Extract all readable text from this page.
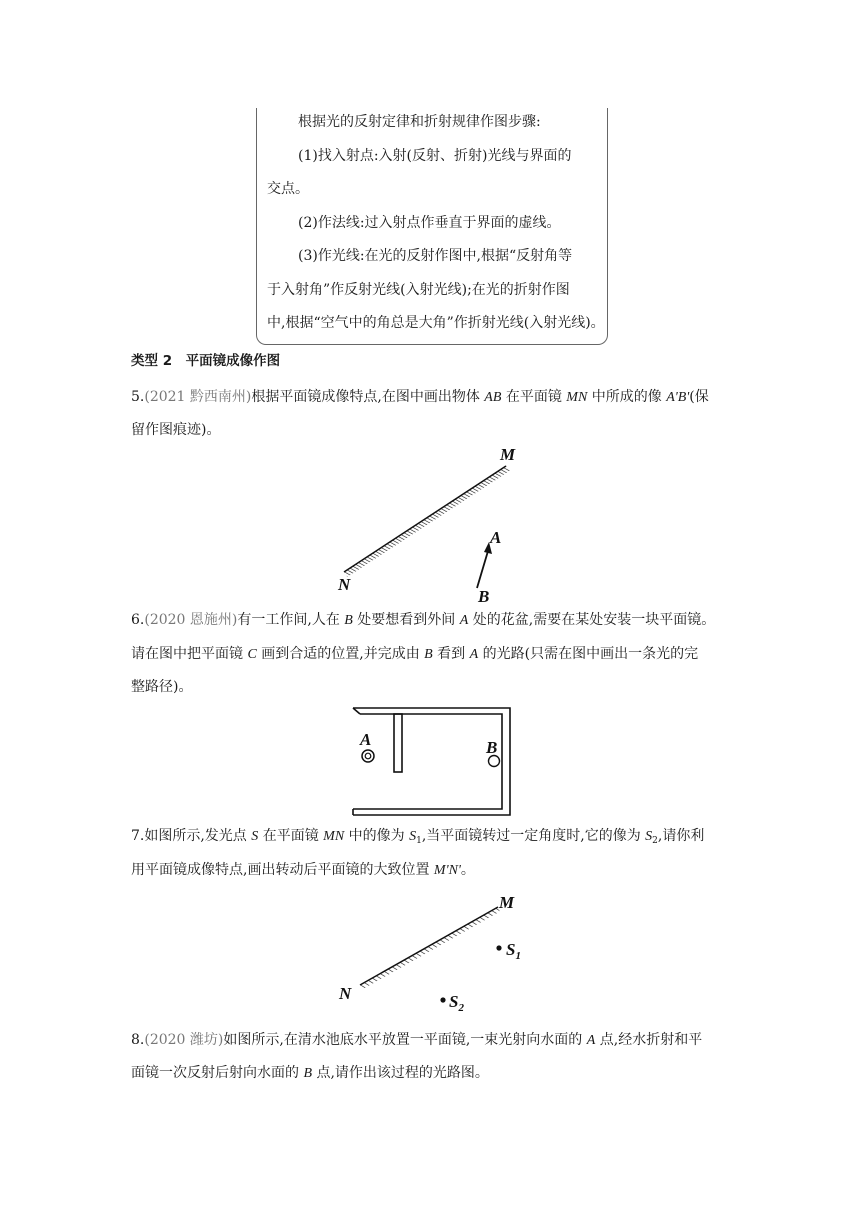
根据光的反射定律和折射规律作图步骤:
(1)找入射点:入射(反射、折射)光线与界面的
交点。
(2)作法线:过入射点作垂直于界面的虚线。
(3)作光线:在光的反射作图中,根据“反射角等
于入射角”作反射光线(入射光线);在光的折射作图
中,根据“空气中的角总是大角”作折射光线(入射光线)。
类型 2　平面镜成像作图
5.(2021 黔西南州)根据平面镜成像特点,在图中画出物体 AB 在平面镜 MN 中所成的像 A'B'(保
留作图痕迹)。
M
N
A
B
6.(2020 恩施州)有一工作间,人在 B 处要想看到外间 A 处的花盆,需要在某处安装一块平面镜。
请在图中把平面镜 C 画到合适的位置,并完成由 B 看到 A 的光路(只需在图中画出一条光的完
整路径)。
A	B
7.如图所示,发光点 S 在平面镜 MN 中的像为 $S_1$,当平面镜转过一定角度时,它的像为 $S_2$,请你利
用平面镜成像特点,画出转动后平面镜的大致位置 M'N'。
M
N
$S_1$
$S_2$
8.(2020 潍坊)如图所示,在清水池底水平放置一平面镜,一束光射向水面的 A 点,经水折射和平
面镜一次反射后射向水面的 B 点,请作出该过程的光路图。
